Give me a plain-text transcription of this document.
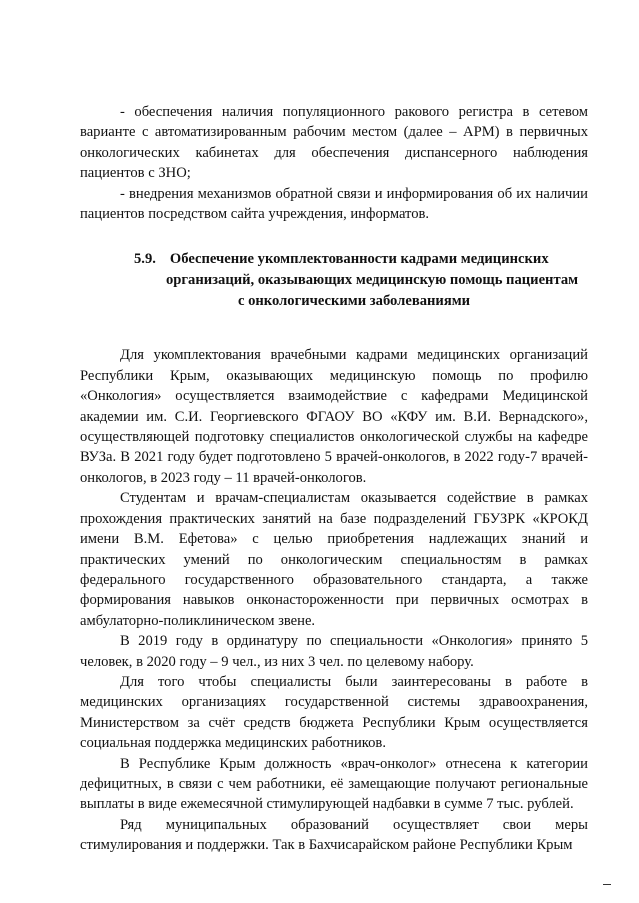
- обеспечения наличия популяционного ракового регистра в сетевом варианте с автоматизированным рабочим местом (далее – АРМ) в первичных онкологических кабинетах для обеспечения диспансерного наблюдения пациентов с ЗНО;

- внедрения механизмов обратной связи и информирования об их наличии пациентов посредством сайта учреждения, информатов.

5.9. Обеспечение укомплектованности кадрами медицинских
организаций, оказывающих медицинскую помощь пациентам
с онкологическими заболеваниями

Для укомплектования врачебными кадрами медицинских организаций Республики Крым, оказывающих медицинскую помощь по профилю «Онкология» осуществляется взаимодействие с кафедрами Медицинской академии им. С.И. Георгиевского ФГАОУ ВО «КФУ им. В.И. Вернадского», осуществляющей подготовку специалистов онкологической службы на кафедре ВУЗа. В 2021 году будет подготовлено 5 врачей-онкологов, в 2022 году-7 врачей-онкологов, в 2023 году – 11 врачей-онкологов.

Студентам и врачам-специалистам оказывается содействие в рамках прохождения практических занятий на базе подразделений ГБУЗРК «КРОКД имени В.М. Ефетова» с целью приобретения надлежащих знаний и практических умений по онкологическим специальностям в рамках федерального государственного образовательного стандарта, а также формирования навыков онконастороженности при первичных осмотрах в амбулаторно-поликлиническом звене.

В 2019 году в ординатуру по специальности «Онкология» принято 5 человек, в 2020 году – 9 чел., из них 3 чел. по целевому набору.

Для того чтобы специалисты были заинтересованы в работе в медицинских организациях государственной системы здравоохранения, Министерством за счёт средств бюджета Республики Крым осуществляется социальная поддержка медицинских работников.

В Республике Крым должность «врач-онколог» отнесена к категории дефицитных, в связи с чем работники, её замещающие получают региональные выплаты в виде ежемесячной стимулирующей надбавки в сумме 7 тыс. рублей.

Ряд муниципальных образований осуществляет свои меры стимулирования и поддержки. Так в Бахчисарайском районе Республики Крым
